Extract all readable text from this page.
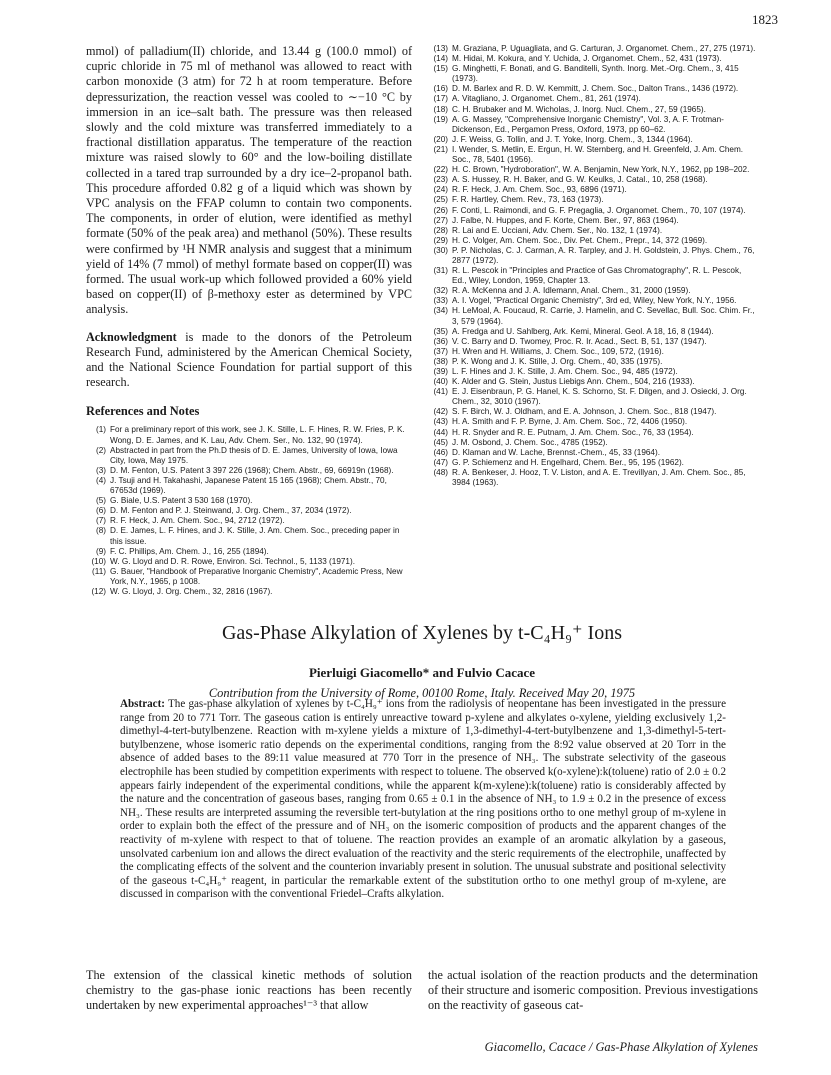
1823

mmol) of palladium(II) chloride, and 13.44 g (100.0 mmol) of cupric chloride in 75 ml of methanol was allowed to react with carbon monoxide (3 atm) for 72 h at room temperature. Before depressurization, the reaction vessel was cooled to ∼−10 °C by immersion in an ice–salt bath. The pressure was then released slowly and the cold mixture was transferred immediately to a fractional distillation apparatus. The temperature of the reaction mixture was raised slowly to 60° and the low-boiling distillate collected in a tared trap surrounded by a dry ice–2-propanol bath. This procedure afforded 0.82 g of a liquid which was shown by VPC analysis on the FFAP column to contain two components. The components, in order of elution, were identified as methyl formate (50% of the peak area) and methanol (50%). These results were confirmed by ¹H NMR analysis and suggest that a minimum yield of 14% (7 mmol) of methyl formate based on copper(II) was formed. The usual work-up which followed provided a 60% yield based on copper(II) of β-methoxy ester as determined by VPC analysis.

Acknowledgment is made to the donors of the Petroleum Research Fund, administered by the American Chemical Society, and the National Science Foundation for partial support of this research.

References and Notes
(1) For a preliminary report of this work, see J. K. Stille, L. F. Hines, R. W. Fries, P. K. Wong, D. E. James, and K. Lau, Adv. Chem. Ser., No. 132, 90 (1974).
(2) Abstracted in part from the Ph.D thesis of D. E. James, University of Iowa, Iowa City, Iowa, May 1975.
(3) D. M. Fenton, U.S. Patent 3 397 226 (1968); Chem. Abstr., 69, 66919n (1968).
(4) J. Tsuji and H. Takahashi, Japanese Patent 15 165 (1968); Chem. Abstr., 70, 67653d (1969).
(5) G. Biale, U.S. Patent 3 530 168 (1970).
(6) D. M. Fenton and P. J. Steinwand, J. Org. Chem., 37, 2034 (1972).
(7) R. F. Heck, J. Am. Chem. Soc., 94, 2712 (1972).
(8) D. E. James, L. F. Hines, and J. K. Stille, J. Am. Chem. Soc., preceding paper in this issue.
(9) F. C. Phillips, Am. Chem. J., 16, 255 (1894).
(10) W. G. Lloyd and D. R. Rowe, Environ. Sci. Technol., 5, 1133 (1971).
(11) G. Bauer, "Handbook of Preparative Inorganic Chemistry", Academic Press, New York, N.Y., 1965, p 1008.
(12) W. G. Lloyd, J. Org. Chem., 32, 2816 (1967).
(13) M. Graziana, P. Uguagliata, and G. Carturan, J. Organomet. Chem., 27, 275 (1971).
(14) M. Hidai, M. Kokura, and Y. Uchida, J. Organomet. Chem., 52, 431 (1973).
(15) G. Minghetti, F. Bonati, and G. Banditelli, Synth. Inorg. Met.-Org. Chem., 3, 415 (1973).
(16) D. M. Barlex and R. D. W. Kemmitt, J. Chem. Soc., Dalton Trans., 1436 (1972).
(17) A. Vitagliano, J. Organomet. Chem., 81, 261 (1974).
(18) C. H. Brubaker and M. Wicholas, J. Inorg. Nucl. Chem., 27, 59 (1965).
(19) A. G. Massey, "Comprehensive Inorganic Chemistry", Vol. 3, A. F. Trotman-Dickenson, Ed., Pergamon Press, Oxford, 1973, pp 60–62.
(20) J. F. Weiss, G. Tollin, and J. T. Yoke, Inorg. Chem., 3, 1344 (1964).
(21) I. Wender, S. Metlin, E. Ergun, H. W. Sternberg, and H. Greenfeld, J. Am. Chem. Soc., 78, 5401 (1956).
(22) H. C. Brown, "Hydroboration", W. A. Benjamin, New York, N.Y., 1962, pp 198–202.
(23) A. S. Hussey, R. H. Baker, and G. W. Keulks, J. Catal., 10, 258 (1968).
(24) R. F. Heck, J. Am. Chem. Soc., 93, 6896 (1971).
(25) F. R. Hartley, Chem. Rev., 73, 163 (1973).
(26) F. Conti, L. Raimondi, and G. F. Pregaglia, J. Organomet. Chem., 70, 107 (1974).
(27) J. Falbe, N. Huppes, and F. Korte, Chem. Ber., 97, 863 (1964).
(28) R. Lai and E. Ucciani, Adv. Chem. Ser., No. 132, 1 (1974).
(29) H. C. Volger, Am. Chem. Soc., Div. Pet. Chem., Prepr., 14, 372 (1969).
(30) P. P. Nicholas, C. J. Carman, A. R. Tarpley, and J. H. Goldstein, J. Phys. Chem., 76, 2877 (1972).
(31) R. L. Pescok in "Principles and Practice of Gas Chromatography", R. L. Pescok, Ed., Wiley, London, 1959, Chapter 13.
(32) R. A. McKenna and J. A. Idlemann, Anal. Chem., 31, 2000 (1959).
(33) A. I. Vogel, "Practical Organic Chemistry", 3rd ed, Wiley, New York, N.Y., 1956.
(34) H. LeMoal, A. Foucaud, R. Carrie, J. Hamelin, and C. Sevellac, Bull. Soc. Chim. Fr., 3, 579 (1964).
(35) A. Fredga and U. Sahlberg, Ark. Kemi, Mineral. Geol. A 18, 16, 8 (1944).
(36) V. C. Barry and D. Twomey, Proc. R. Ir. Acad., Sect. B, 51, 137 (1947).
(37) H. Wren and H. Williams, J. Chem. Soc., 109, 572, (1916).
(38) P. K. Wong and J. K. Stille, J. Org. Chem., 40, 335 (1975).
(39) L. F. Hines and J. K. Stille, J. Am. Chem. Soc., 94, 485 (1972).
(40) K. Alder and G. Stein, Justus Liebigs Ann. Chem., 504, 216 (1933).
(41) E. J. Eisenbraun, P. G. Hanel, K. S. Schorno, St. F. Dilgen, and J. Osiecki, J. Org. Chem., 32, 3010 (1967).
(42) S. F. Birch, W. J. Oldham, and E. A. Johnson, J. Chem. Soc., 818 (1947).
(43) H. A. Smith and F. P. Byrne, J. Am. Chem. Soc., 72, 4406 (1950).
(44) H. R. Snyder and R. E. Putnam, J. Am. Chem. Soc., 76, 33 (1954).
(45) J. M. Osbond, J. Chem. Soc., 4785 (1952).
(46) D. Klaman and W. Lache, Brennst.-Chem., 45, 33 (1964).
(47) G. P. Schiemenz and H. Engelhard, Chem. Ber., 95, 195 (1962).
(48) R. A. Benkeser, J. Hooz, T. V. Liston, and A. E. Trevillyan, J. Am. Chem. Soc., 85, 3984 (1963).
Gas-Phase Alkylation of Xylenes by t-C₄H₉⁺ Ions
Pierluigi Giacomello* and Fulvio Cacace
Contribution from the University of Rome, 00100 Rome, Italy. Received May 20, 1975

Abstract: The gas-phase alkylation of xylenes by t-C₄H₉⁺ ions from the radiolysis of neopentane has been investigated in the pressure range from 20 to 771 Torr. The gaseous cation is entirely unreactive toward p-xylene and alkylates o-xylene, yielding exclusively 1,2-dimethyl-4-tert-butylbenzene. Reaction with m-xylene yields a mixture of 1,3-dimethyl-4-tert-butylbenzene and 1,3-dimethyl-5-tert-butylbenzene, whose isomeric ratio depends on the experimental conditions, ranging from the 8:92 value observed at 20 Torr in the absence of added bases to the 89:11 value measured at 770 Torr in the presence of NH₃. The substrate selectivity of the gaseous electrophile has been studied by competition experiments with respect to toluene. The observed k(o-xylene):k(toluene) ratio of 2.0 ± 0.2 appears fairly independent of the experimental conditions, while the apparent k(m-xylene):k(toluene) ratio is considerably affected by the nature and the concentration of gaseous bases, ranging from 0.65 ± 0.1 in the absence of NH₃ to 1.9 ± 0.2 in the presence of excess NH₃. These results are interpreted assuming the reversible tert-butylation at the ring positions ortho to one methyl group of m-xylene in order to explain both the effect of the pressure and of NH₃ on the isomeric composition of products and the apparent changes of the reactivity of m-xylene with respect to that of toluene. The reaction provides an example of an aromatic alkylation by a gaseous, unsolvated carbenium ion and allows the direct evaluation of the reactivity and the steric requirements of the electrophile, unaffected by the complicating effects of the solvent and the counterion invariably present in solution. The unusual substrate and positional selectivity of the gaseous t-C₄H₉⁺ reagent, in particular the remarkable extent of the substitution ortho to one methyl group of m-xylene, are discussed in comparison with the conventional Friedel–Crafts alkylation.

The extension of the classical kinetic methods of solution chemistry to the gas-phase ionic reactions has been recently undertaken by new experimental approaches¹⁻³ that allow

the actual isolation of the reaction products and the determination of their structure and isomeric composition. Previous investigations on the reactivity of gaseous cat-

Giacomello, Cacace / Gas-Phase Alkylation of Xylenes
